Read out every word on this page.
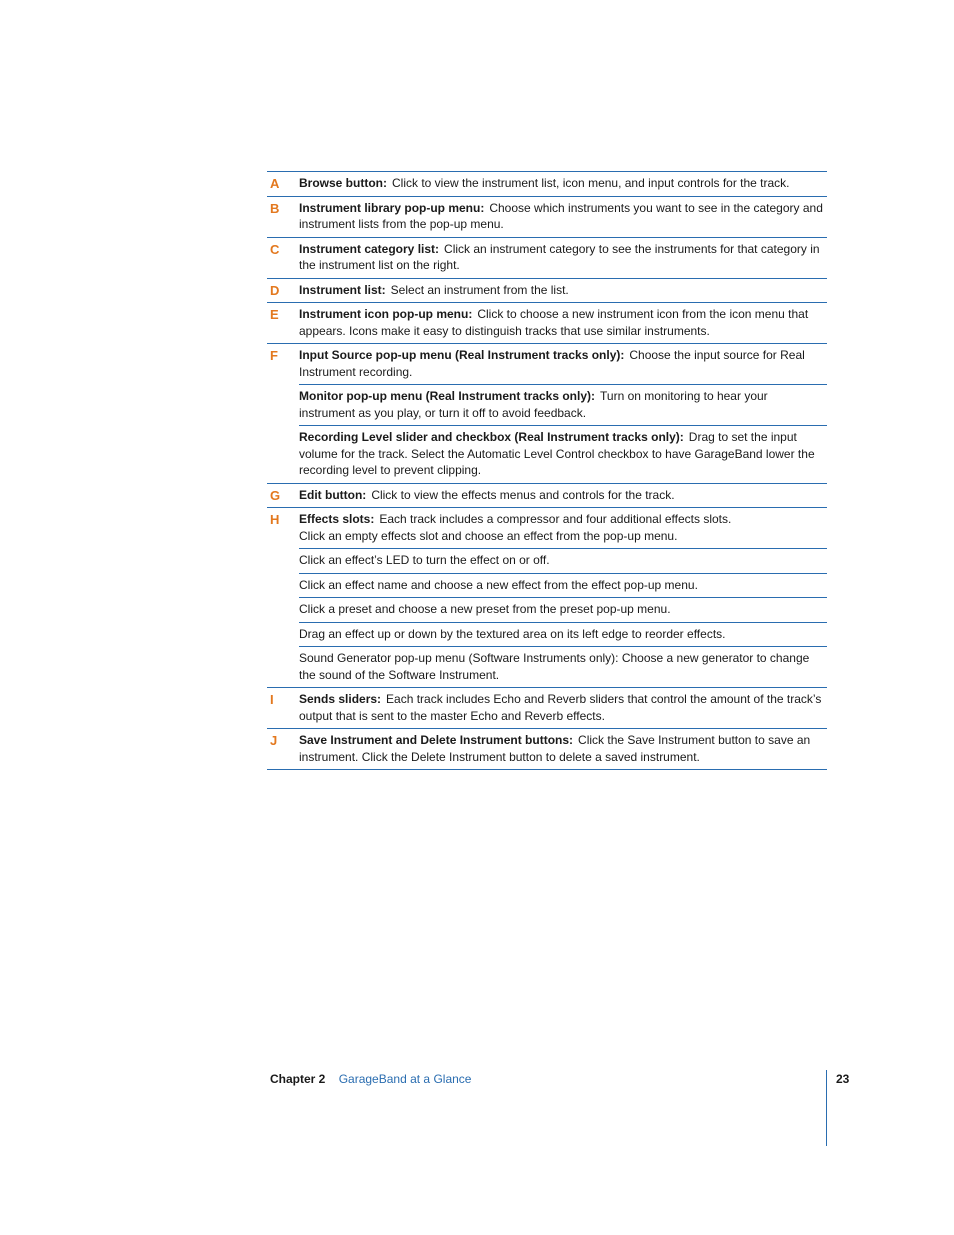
A	Browse button: Click to view the instrument list, icon menu, and input controls for the track.
B	Instrument library pop-up menu: Choose which instruments you want to see in the category and instrument lists from the pop-up menu.
C	Instrument category list: Click an instrument category to see the instruments for that category in the instrument list on the right.
D	Instrument list: Select an instrument from the list.
E	Instrument icon pop-up menu: Click to choose a new instrument icon from the icon menu that appears. Icons make it easy to distinguish tracks that use similar instruments.
F	Input Source pop-up menu (Real Instrument tracks only): Choose the input source for Real Instrument recording.
Monitor pop-up menu (Real Instrument tracks only): Turn on monitoring to hear your instrument as you play, or turn it off to avoid feedback.
Recording Level slider and checkbox (Real Instrument tracks only): Drag to set the input volume for the track. Select the Automatic Level Control checkbox to have GarageBand lower the recording level to prevent clipping.
G	Edit button: Click to view the effects menus and controls for the track.
H	Effects slots: Each track includes a compressor and four additional effects slots.
Click an empty effects slot and choose an effect from the pop-up menu.
Click an effect’s LED to turn the effect on or off.
Click an effect name and choose a new effect from the effect pop-up menu.
Click a preset and choose a new preset from the preset pop-up menu.
Drag an effect up or down by the textured area on its left edge to reorder effects.
Sound Generator pop-up menu (Software Instruments only): Choose a new generator to change the sound of the Software Instrument.
I	Sends sliders: Each track includes Echo and Reverb sliders that control the amount of the track’s output that is sent to the master Echo and Reverb effects.
J	Save Instrument and Delete Instrument buttons: Click the Save Instrument button to save an instrument. Click the Delete Instrument button to delete a saved instrument.
Chapter 2 GarageBand at a Glance	23
